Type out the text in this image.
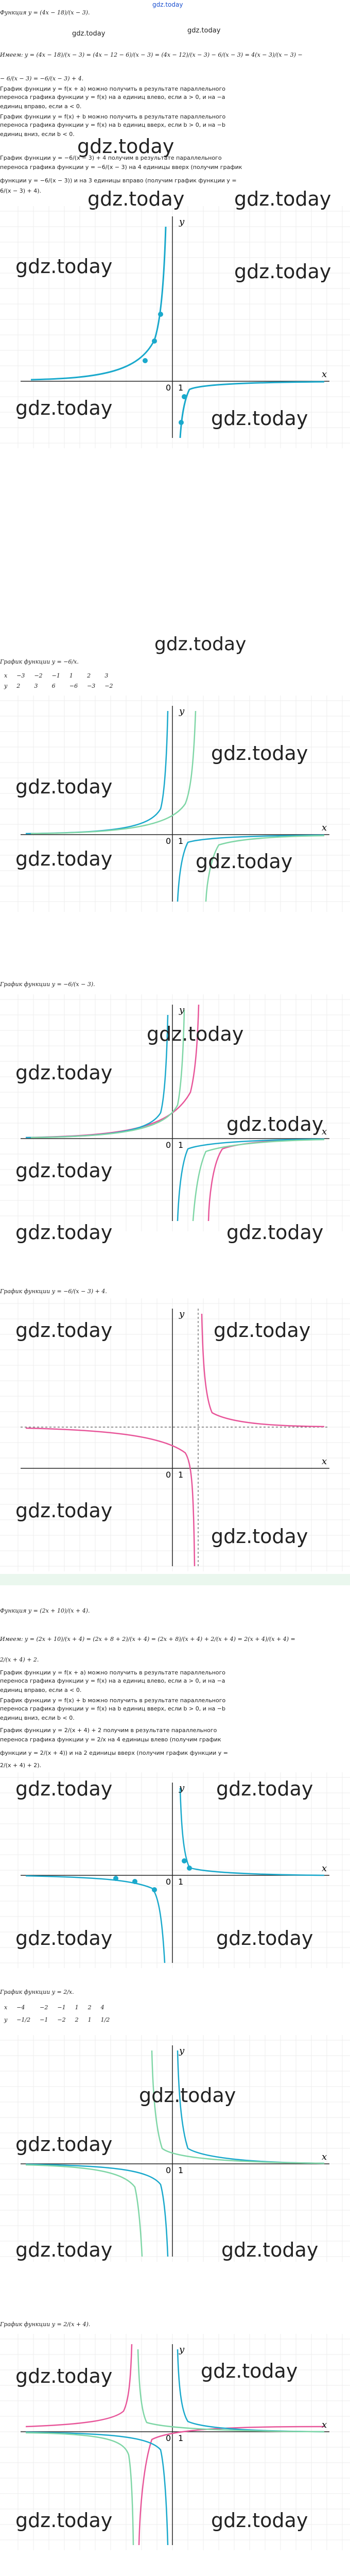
gdz.today
Функция y = (4x − 18)/(x − 3).
gdz.today	gdz.today
Имеем: y = (4x − 18)/(x − 3) = (4x − 12 − 6)/(x − 3) = (4x − 12)/(x − 3) − 6/(x − 3) = 4(x − 3)/(x − 3) −
− 6/(x − 3) = −6/(x − 3) + 4.
График функции y = f(x + a) можно получить в результате параллельного
переноса графика функции y = f(x) на a единиц влево, если a > 0, и на −a
единиц вправо, если a < 0.
График функции y = f(x) + b можно получить в результате параллельного
переноса графика функции y = f(x) на b единиц вверх, если b > 0, и на −b
единиц вниз, если b < 0.
gdz.today
График функции y = −6/(x − 3) + 4 получим в результате параллельного
переноса графика функции y = −6/(x − 3) на 4 единицы вверх (получим график
функции y = −6/(x − 3)) и на 3 единицы вправо (получим график функции y =
6/(x − 3) + 4). gdz.today	gdz.today
y
x
0 1
gdz.today	gdz.today
gdz.today	gdz.today
График функции y = −6/x.
x	−3	−2	−1	1	2	3
y	2	3	6	−6	−3	−2
gdz.today
y
x
0 1
gdz.today
gdz.today
gdz.today	gdz.today
График функции y = −6/(x − 3).
y
x
0 1
gdz.today
gdz.today
gdz.today
gdz.today
gdz.today	gdz.today
График функции y = −6/(x − 3) + 4.
y
x
0 1
gdz.today	gdz.today
gdz.today
gdz.today
Функция y = (2x + 10)/(x + 4).
Имеем: y = (2x + 10)/(x + 4) = (2x + 8 + 2)/(x + 4) = (2x + 8)/(x + 4) + 2/(x + 4) = 2(x + 4)/(x + 4) =
2/(x + 4) + 2.
График функции y = f(x + a) можно получить в результате параллельного
переноса графика функции y = f(x) на a единиц влево, если a > 0, и на −a
единиц вправо, если a < 0.
График функции y = f(x) + b можно получить в результате параллельного
переноса графика функции y = f(x) на b единиц вверх, если b > 0, и на −b
единиц вниз, если b < 0.
График функции y = 2/(x + 4) + 2 получим в результате параллельного
переноса графика функции y = 2/x на 4 единицы влево (получим график
функции y = 2/(x + 4)) и на 2 единицы вверх (получим график функции y =
2/(x + 4) + 2).
y
x
0 1
gdz.today	gdz.today
gdz.today	gdz.today
График функции y = 2/x.
x	−4	−2	−1	1	2	4
y	−1/2	−1	−2	2	1	1/2
y
x
0 1
gdz.today
gdz.today
gdz.today	gdz.today
График функции y = 2/(x + 4).
y
x
0 1
gdz.today	gdz.today
gdz.today	gdz.today
